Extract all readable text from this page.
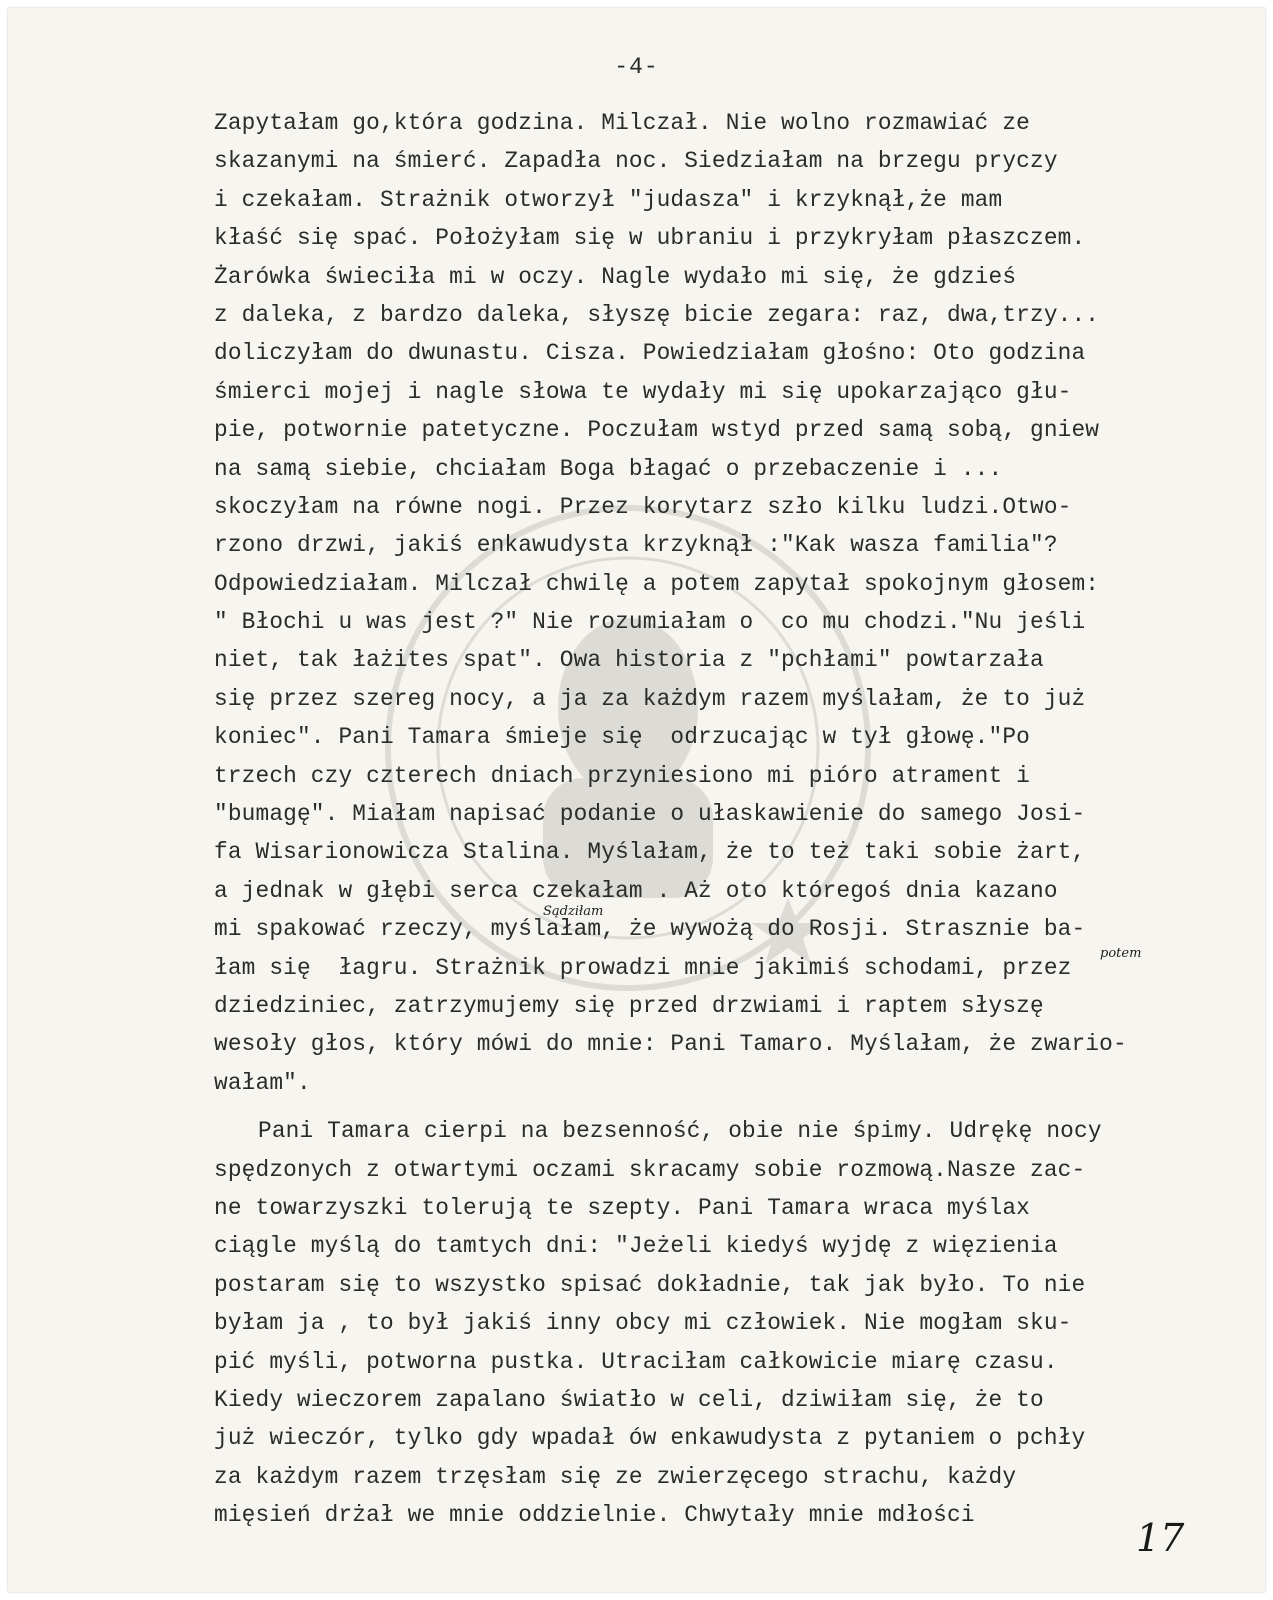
-4-
Zapytałam go,która godzina. Milczał. Nie wolno rozmawiać ze
skazanymi na śmierć. Zapadła noc. Siedziałam na brzegu pryczy
i czekałam. Strażnik otworzył "judasza" i krzyknął,że mam
kłaść się spać. Położyłam się w ubraniu i przykryłam płaszczem.
Żarówka świeciła mi w oczy. Nagle wydało mi się, że gdzieś
z daleka, z bardzo daleka, słyszę bicie zegara: raz, dwa,trzy...
doliczyłam do dwunastu. Cisza. Powiedziałam głośno: Oto godzina
śmierci mojej i nagle słowa te wydały mi się upokarzająco głu-
pie, potwornie patetyczne. Poczułam wstyd przed samą sobą, gniew
na samą siebie, chciałam Boga błagać o przebaczenie i ...
skoczyłam na równe nogi. Przez korytarz szło kilku ludzi.Otwo-
rzono drzwi, jakiś enkawudysta krzyknął :"Kak wasza familia"?
Odpowiedziałam. Milczał chwilę a potem zapytał spokojnym głosem:
" Błochi u was jest ?" Nie rozumiałam o  co mu chodzi."Nu jeśli
niet, tak łażites spat". Owa historia z "pchłami" powtarzała
się przez szereg nocy, a ja za każdym razem myślałam, że to już
koniec". Pani Tamara śmieje się  odrzucając w tył głowę."Po
trzech czy czterech dniach przyniesiono mi pióro atrament i
"bumagę". Miałam napisać podanie o ułaskawienie do samego Josi-
fa Wisarionowicza Stalina. Myślałam, że to też taki sobie żart,
a jednak w głębi serca czekałam . Aż oto któregoś dnia kazano
mi spakować rzeczy, myślałam, że wywożą do Rosji. Strasznie ba-
łam się  łagru. Strażnik prowadzi mnie jakimiś schodami, przez
dziedziniec, zatrzymujemy się przed drzwiami i raptem słyszę
wesoły głos, który mówi do mnie: Pani Tamaro. Myślałam, że zwario-
wałam".
Pani Tamara cierpi na bezsenność, obie nie śpimy. Udrękę nocy
spędzonych z otwartymi oczami skracamy sobie rozmową.Nasze zac-
ne towarzyszki tolerują te szepty. Pani Tamara wraca myślax
ciągle myślą do tamtych dni: "Jeżeli kiedyś wyjdę z więzienia
postaram się to wszystko spisać dokładnie, tak jak było. To nie
byłam ja , to był jakiś inny obcy mi człowiek. Nie mogłam sku-
pić myśli, potworna pustka. Utraciłam całkowicie miarę czasu.
Kiedy wieczorem zapalano światło w celi, dziwiłam się, że to
już wieczór, tylko gdy wpadał ów enkawudysta z pytaniem o pchły
za każdym razem trzęsłam się ze zwierzęcego strachu, każdy
mięsień drżał we mnie oddzielnie. Chwytały mnie mdłości
Sądziłam
potem
17
